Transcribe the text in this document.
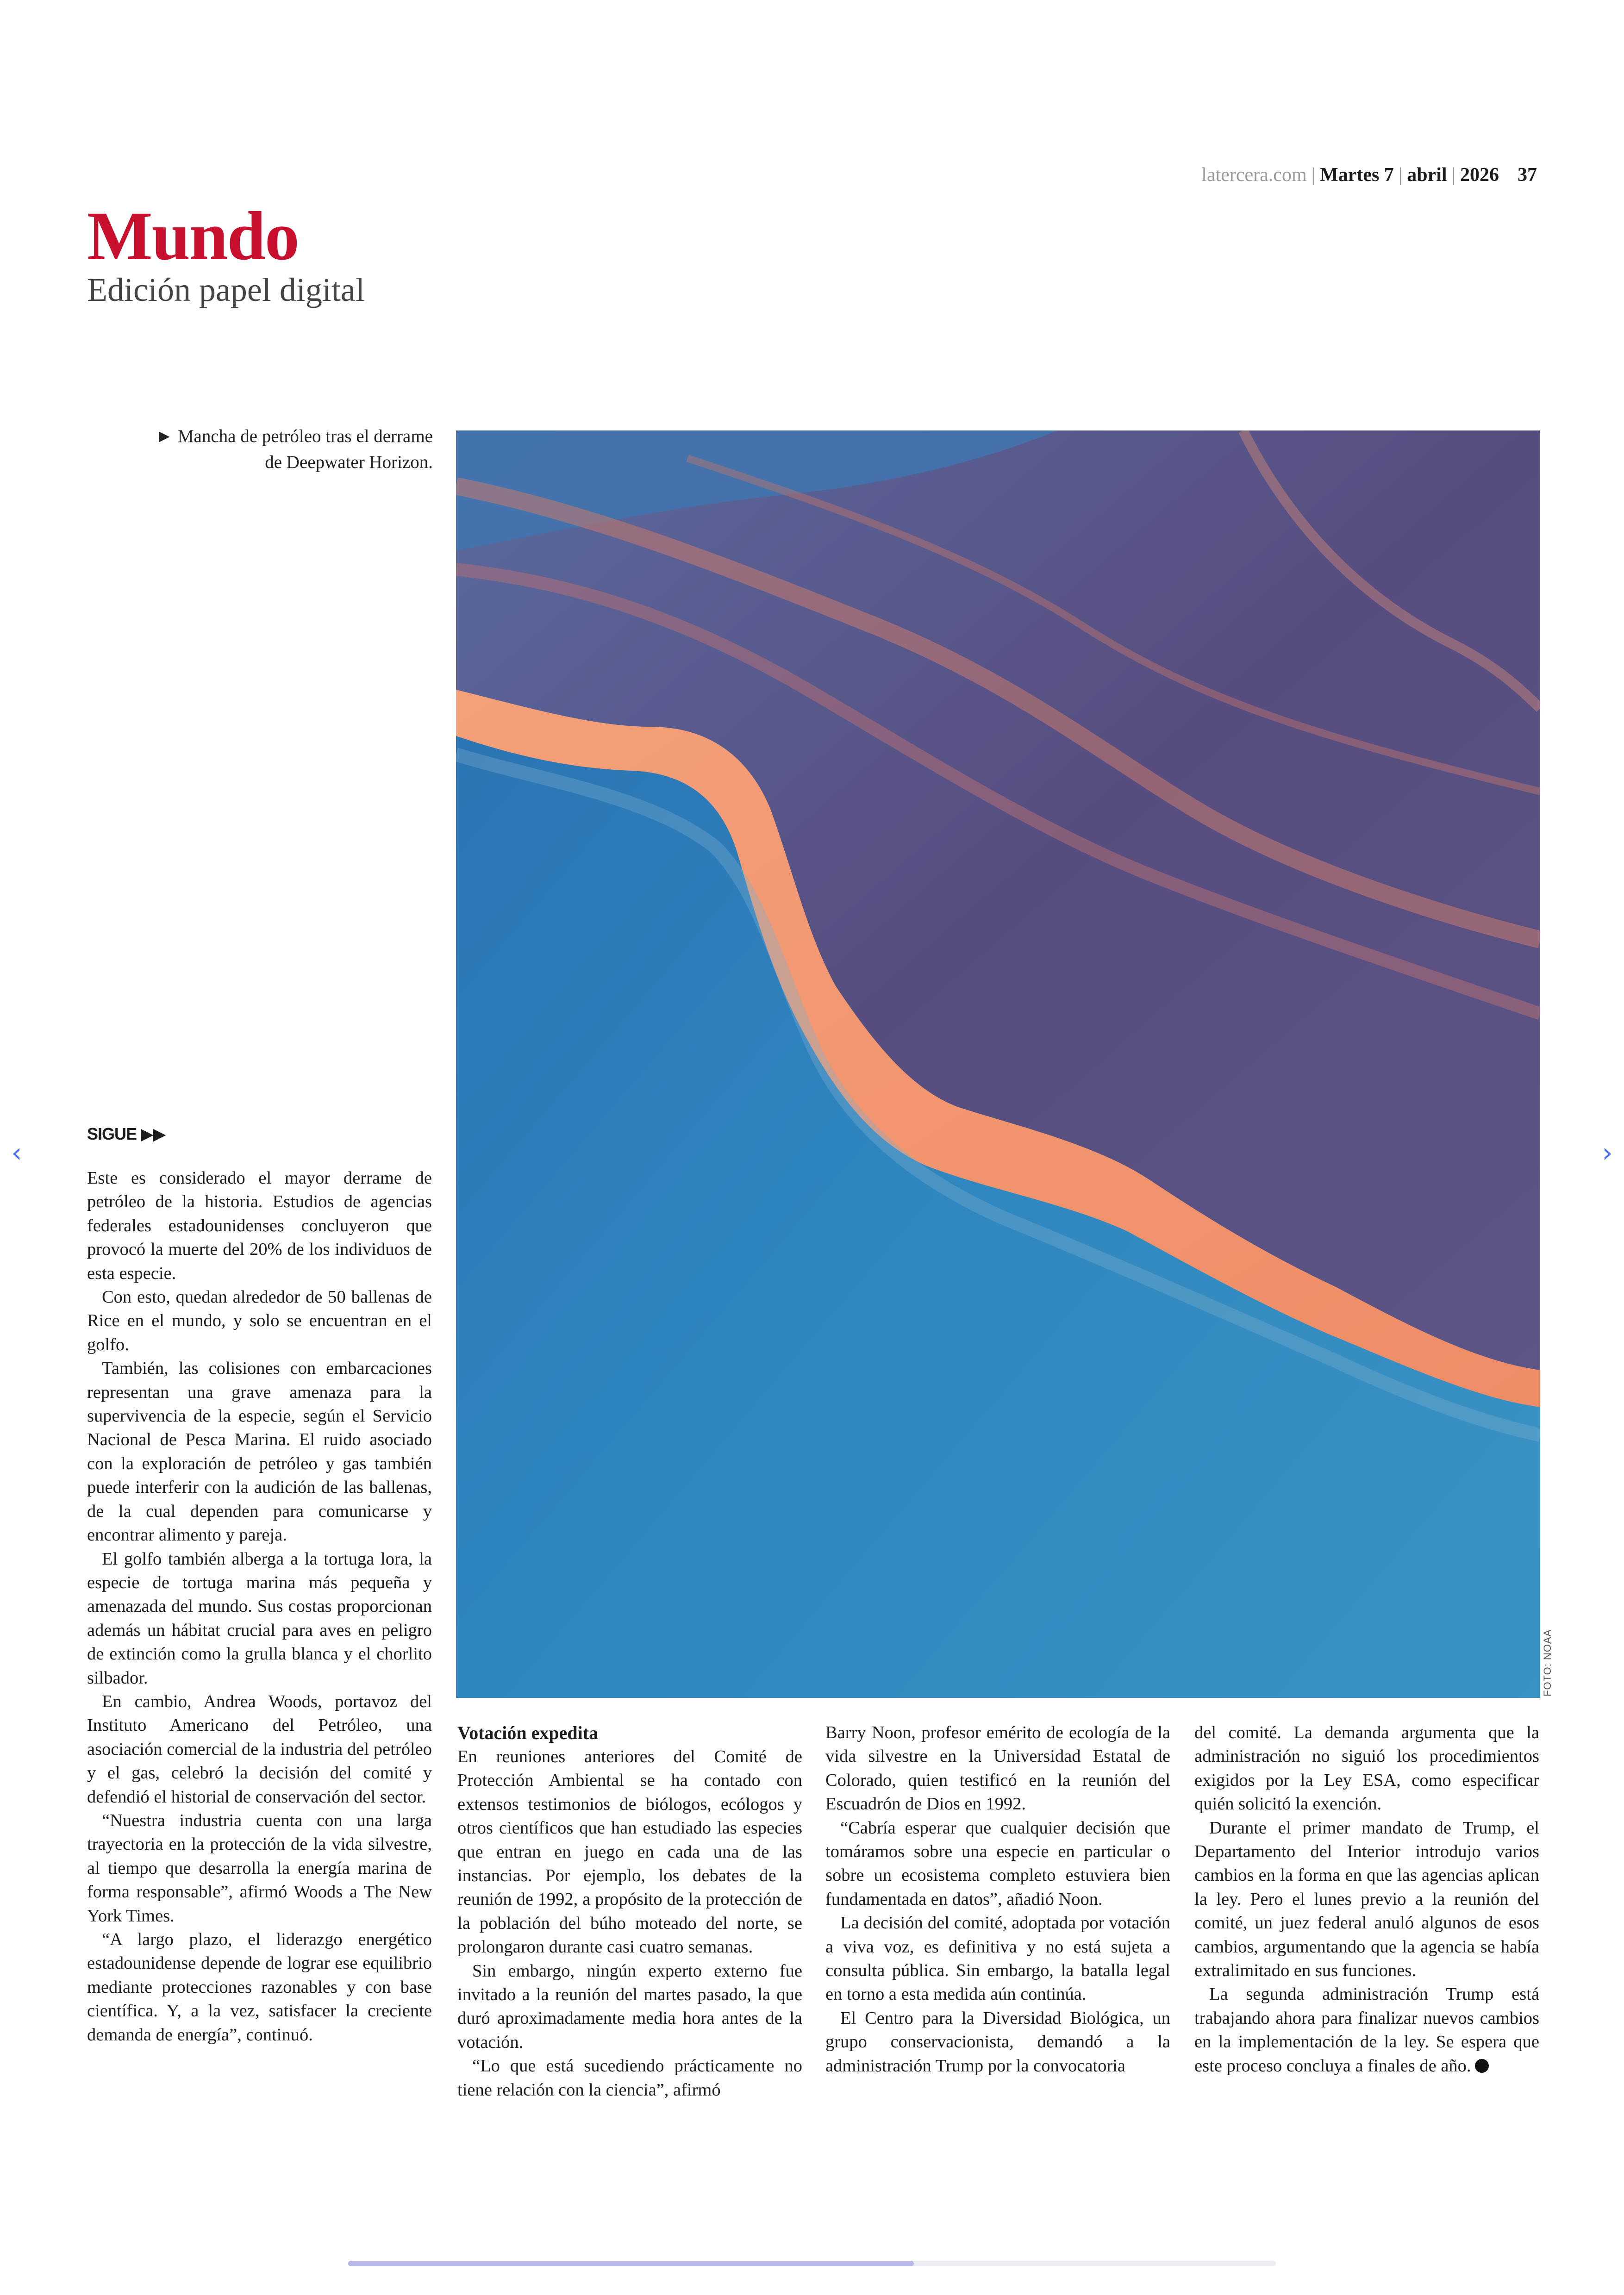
latercera.com | Martes 7 | abril | 2026 37
Mundo
Edición papel digital
► Mancha de petróleo tras el derrame de Deepwater Horizon.
FOTO: NOAA
‹	›
SIGUE ▶▶

Este es considerado el mayor derrame de petróleo de la historia. Estudios de agencias federales estadounidenses concluyeron que provocó la muerte del 20% de los individuos de esta especie.

Con esto, quedan alrededor de 50 ballenas de Rice en el mundo, y solo se encuentran en el golfo.

También, las colisiones con embarcaciones representan una grave amenaza para la supervivencia de la especie, según el Servicio Nacional de Pesca Marina. El ruido asociado con la exploración de petróleo y gas también puede interferir con la audición de las ballenas, de la cual dependen para comunicarse y encontrar alimento y pareja.

El golfo también alberga a la tortuga lora, la especie de tortuga marina más pequeña y amenazada del mundo. Sus costas proporcionan además un hábitat crucial para aves en peligro de extinción como la grulla blanca y el chorlito silbador.

En cambio, Andrea Woods, portavoz del Instituto Americano del Petróleo, una asociación comercial de la industria del petróleo y el gas, celebró la decisión del comité y defendió el historial de conservación del sector.

“Nuestra industria cuenta con una larga trayectoria en la protección de la vida silvestre, al tiempo que desarrolla la energía marina de forma responsable”, afirmó Woods a The New York Times.

“A largo plazo, el liderazgo energético estadounidense depende de lograr ese equilibrio mediante protecciones razonables y con base científica. Y, a la vez, satisfacer la creciente demanda de energía”, continuó.

Votación expedita

En reuniones anteriores del Comité de Protección Ambiental se ha contado con extensos testimonios de biólogos, ecólogos y otros científicos que han estudiado las especies que entran en juego en cada una de las instancias. Por ejemplo, los debates de la reunión de 1992, a propósito de la protección de la población del búho moteado del norte, se prolongaron durante casi cuatro semanas.

Sin embargo, ningún experto externo fue invitado a la reunión del martes pasado, la que duró aproximadamente media hora antes de la votación.

“Lo que está sucediendo prácticamente no tiene relación con la ciencia”, afirmó

Barry Noon, profesor emérito de ecología de la vida silvestre en la Universidad Estatal de Colorado, quien testificó en la reunión del Escuadrón de Dios en 1992.

“Cabría esperar que cualquier decisión que tomáramos sobre una especie en particular o sobre un ecosistema completo estuviera bien fundamentada en datos”, añadió Noon.

La decisión del comité, adoptada por votación a viva voz, es definitiva y no está sujeta a consulta pública. Sin embargo, la batalla legal en torno a esta medida aún continúa.

El Centro para la Diversidad Biológica, un grupo conservacionista, demandó a la administración Trump por la convocatoria

del comité. La demanda argumenta que la administración no siguió los procedimientos exigidos por la Ley ESA, como especificar quién solicitó la exención.

Durante el primer mandato de Trump, el Departamento del Interior introdujo varios cambios en la forma en que las agencias aplican la ley. Pero el lunes previo a la reunión del comité, un juez federal anuló algunos de esos cambios, argumentando que la agencia se había extralimitado en sus funciones.

La segunda administración Trump está trabajando ahora para finalizar nuevos cambios en la implementación de la ley. Se espera que este proceso concluya a finales de año.
